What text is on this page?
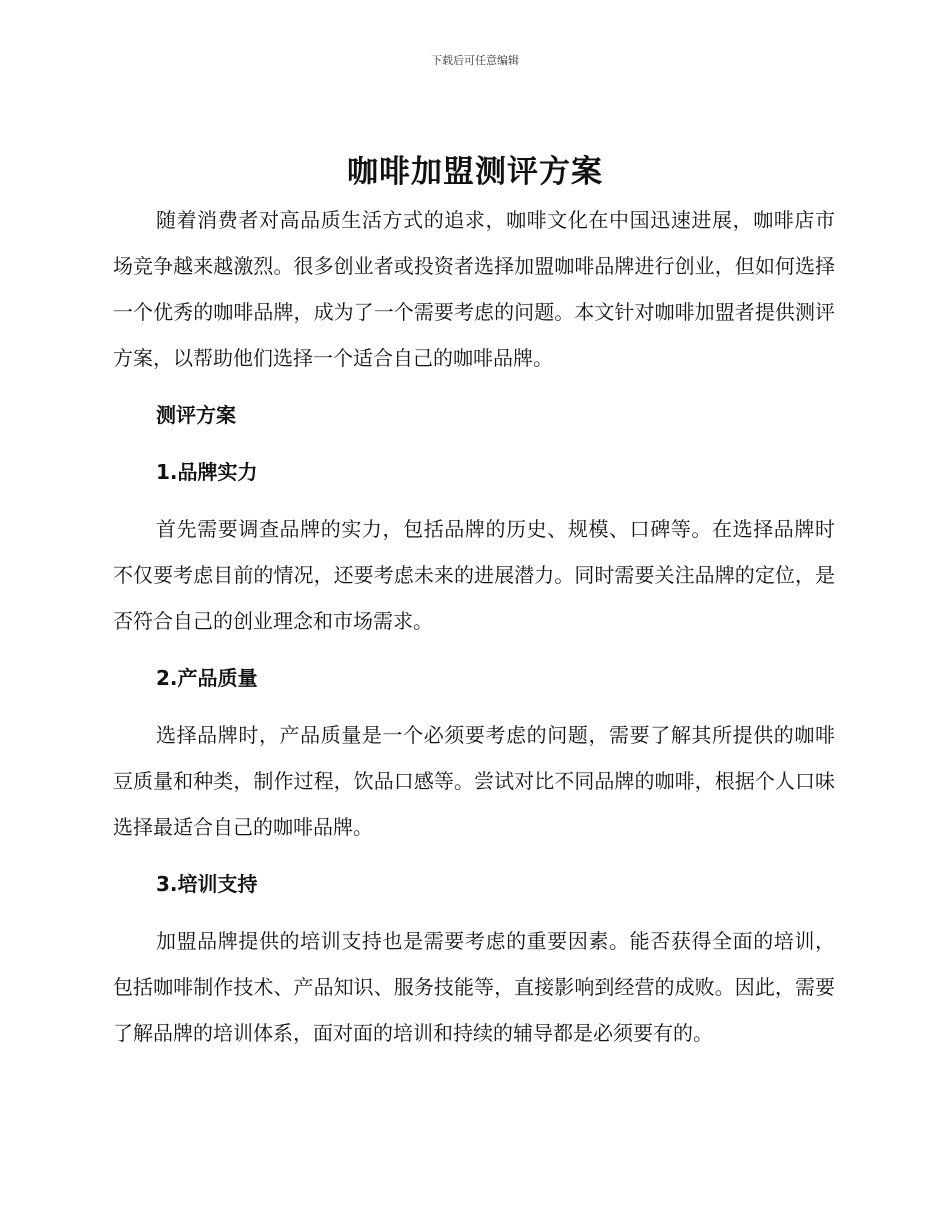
下载后可任意编辑
咖啡加盟测评方案

随着消费者对高品质生活方式的追求，咖啡文化在中国迅速进展，咖啡店市场竞争越来越激烈。很多创业者或投资者选择加盟咖啡品牌进行创业，但如何选择一个优秀的咖啡品牌，成为了一个需要考虑的问题。本文针对咖啡加盟者提供测评方案，以帮助他们选择一个适合自己的咖啡品牌。

测评方案

1.品牌实力

首先需要调查品牌的实力，包括品牌的历史、规模、口碑等。在选择品牌时不仅要考虑目前的情况，还要考虑未来的进展潜力。同时需要关注品牌的定位，是否符合自己的创业理念和市场需求。

2.产品质量

选择品牌时，产品质量是一个必须要考虑的问题，需要了解其所提供的咖啡豆质量和种类，制作过程，饮品口感等。尝试对比不同品牌的咖啡，根据个人口味选择最适合自己的咖啡品牌。

3.培训支持

加盟品牌提供的培训支持也是需要考虑的重要因素。能否获得全面的培训，包括咖啡制作技术、产品知识、服务技能等，直接影响到经营的成败。因此，需要了解品牌的培训体系，面对面的培训和持续的辅导都是必须要有的。
